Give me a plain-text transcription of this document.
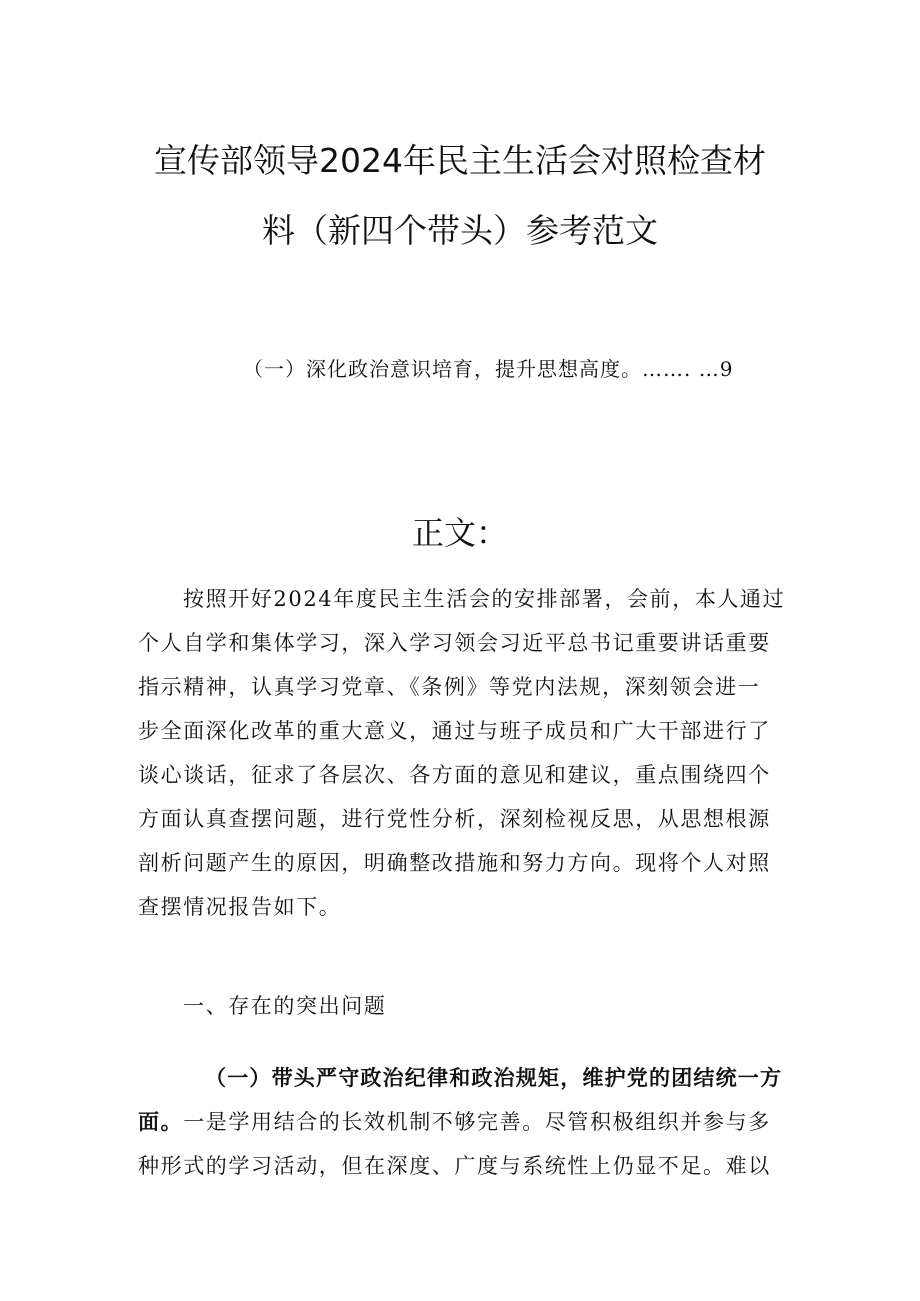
宣传部领导2024年民主生活会对照检查材
料（新四个带头）参考范文
（一）深化政治意识培育，提升思想高度。……. …9
正文：
按照开好2024年度民主生活会的安排部署，会前，本人通过
个人自学和集体学习，深入学习领会习近平总书记重要讲话重要
指示精神，认真学习党章、《条例》等党内法规，深刻领会进一
步全面深化改革的重大意义，通过与班子成员和广大干部进行了
谈心谈话，征求了各层次、各方面的意见和建议，重点围绕四个
方面认真查摆问题，进行党性分析，深刻检视反思，从思想根源
剖析问题产生的原因，明确整改措施和努力方向。现将个人对照
查摆情况报告如下。
一、存在的突出问题
（一）带头严守政治纪律和政治规矩，维护党的团结统一方
面。一是学用结合的长效机制不够完善。尽管积极组织并参与多
种形式的学习活动，但在深度、广度与系统性上仍显不足。难以
